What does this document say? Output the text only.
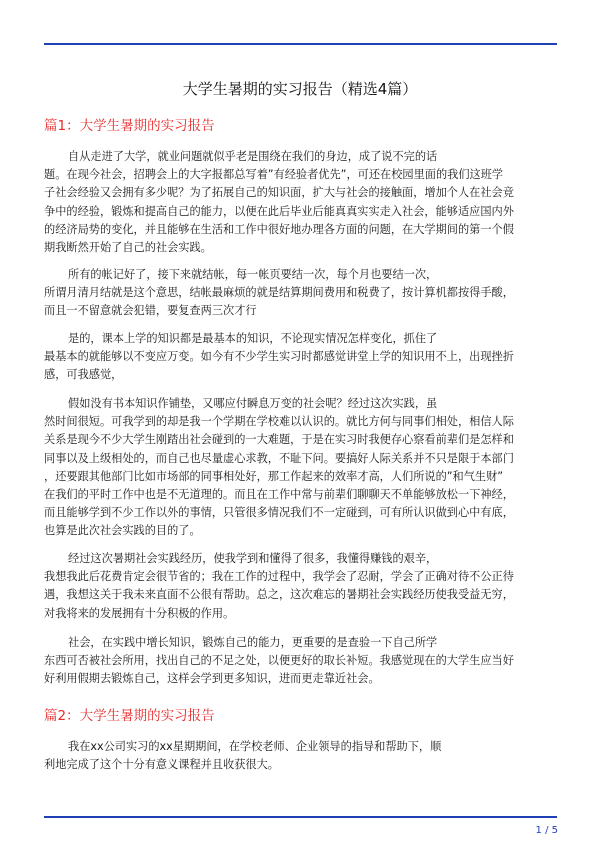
大学生暑期的实习报告（精选4篇）
篇1：大学生暑期的实习报告
自从走进了大学，就业问题就似乎老是围绕在我们的身边，成了说不完的话
题。在现今社会，招聘会上的大字报都总写着”有经验者优先”，可还在校园里面的我们这班学
子社会经验又会拥有多少呢？为了拓展自己的知识面，扩大与社会的接触面，增加个人在社会竞
争中的经验，锻炼和提高自己的能力，以便在此后毕业后能真真实实走入社会，能够适应国内外
的经济局势的变化，并且能够在生活和工作中很好地办理各方面的问题，在大学期间的第一个假
期我断然开始了自己的社会实践。
所有的帐记好了，接下来就结帐，每一帐页要结一次，每个月也要结一次，
所谓月清月结就是这个意思，结帐最麻烦的就是结算期间费用和税费了，按计算机都按得手酸，
而且一不留意就会犯错，要复查两三次才行
是的，课本上学的知识都是最基本的知识，不论现实情况怎样变化，抓住了
最基本的就能够以不变应万变。如今有不少学生实习时都感觉讲堂上学的知识用不上，出现挫折
感，可我感觉，
假如没有书本知识作铺垫，又哪应付瞬息万变的社会呢？经过这次实践，虽
然时间很短。可我学到的却是我一个学期在学校难以认识的。就比方何与同事们相处，相信人际
关系是现今不少大学生刚踏出社会碰到的一大难题，于是在实习时我便存心察看前辈们是怎样和
同事以及上级相处的，而自己也尽量虚心求教，不耻下问。要搞好人际关系并不只是限于本部门
，还要跟其他部门比如市场部的同事相处好，那工作起来的效率才高，人们所说的”和气生财”
在我们的平时工作中也是不无道理的。而且在工作中常与前辈们聊聊天不单能够放松一下神经，
而且能够学到不少工作以外的事情，只管很多情况我们不一定碰到，可有所认识做到心中有底，
也算是此次社会实践的目的了。
经过这次暑期社会实践经历，使我学到和懂得了很多，我懂得赚钱的艰辛，
我想我此后花费肯定会很节省的；我在工作的过程中，我学会了忍耐，学会了正确对待不公正待
遇，我想这关于我未来直面不公很有帮助。总之，这次难忘的暑期社会实践经历使我受益无穷，
对我将来的发展拥有十分积极的作用。
社会，在实践中增长知识，锻炼自己的能力，更重要的是查验一下自己所学
东西可否被社会所用，找出自己的不足之处，以便更好的取长补短。我感觉现在的大学生应当好
好利用假期去锻炼自己，这样会学到更多知识，进而更走靠近社会。
篇2：大学生暑期的实习报告
我在xx公司实习的xx星期期间，在学校老师、企业领导的指导和帮助下，顺
利地完成了这个十分有意义课程并且收获很大。
1 / 5
